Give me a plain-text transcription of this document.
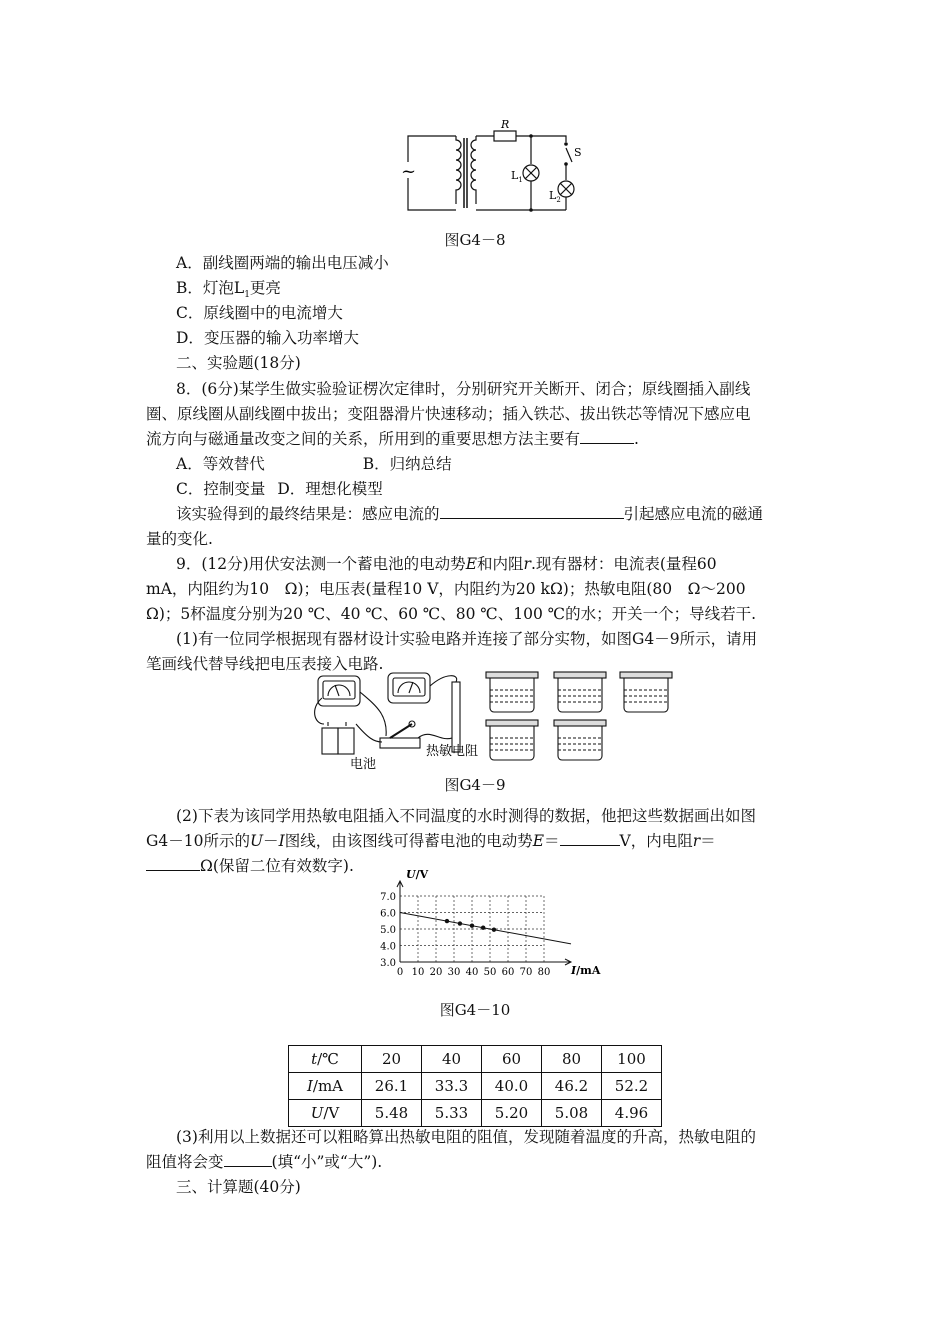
~
R
S
$L_1$
$L_2$
图G4－8
A．副线圈两端的输出电压减小
B．灯泡$L_1$更亮
C．原线圈中的电流增大
D．变压器的输入功率增大
二、实验题(18分)
8．(6分)某学生做实验验证楞次定律时，分别研究开关断开、闭合；原线圈插入副线
圈、原线圈从副线圈中拔出；变阻器滑片快速移动；插入铁芯、拔出铁芯等情况下感应电
流方向与磁通量改变之间的关系，所用到的重要思想方法主要有	.
A．等效替代	B．归纳总结
C．控制变量 D．理想化模型
该实验得到的最终结果是：感应电流的	引起感应电流的磁通
量的变化.
9．(12分)用伏安法测一个蓄电池的电动势E和内阻r.现有器材：电流表(量程60
mA，内阻约为10　Ω)；电压表(量程10 V，内阻约为20 kΩ)；热敏电阻(80　Ω～200
Ω)；5杯温度分别为20 ℃、40 ℃、60 ℃、80 ℃、100 ℃的水；开关一个；导线若干.
(1)有一位同学根据现有器材设计实验电路并连接了部分实物，如图G4－9所示，请用
笔画线代替导线把电压表接入电路.
电池
热敏电阻
图G4－9
(2)下表为该同学用热敏电阻插入不同温度的水时测得的数据，他把这些数据画出如图
G4－10所示的U－I图线，由该图线可得蓄电池的电动势E＝	V，内电阻r＝
Ω(保留二位有效数字).
3.0
4.0
5.0
6.0
7.0
0 10 20 30 40 50 60 70 80
U/V
I/mA
图G4－10
t/℃	20	40	60	80	100
I/mA	26.1	33.3	40.0	46.2	52.2
U/V	5.48	5.33	5.20	5.08	4.96
(3)利用以上数据还可以粗略算出热敏电阻的阻值，发现随着温度的升高，热敏电阻的
阻值将会变	(填“小”或“大”).
三、计算题(40分)
